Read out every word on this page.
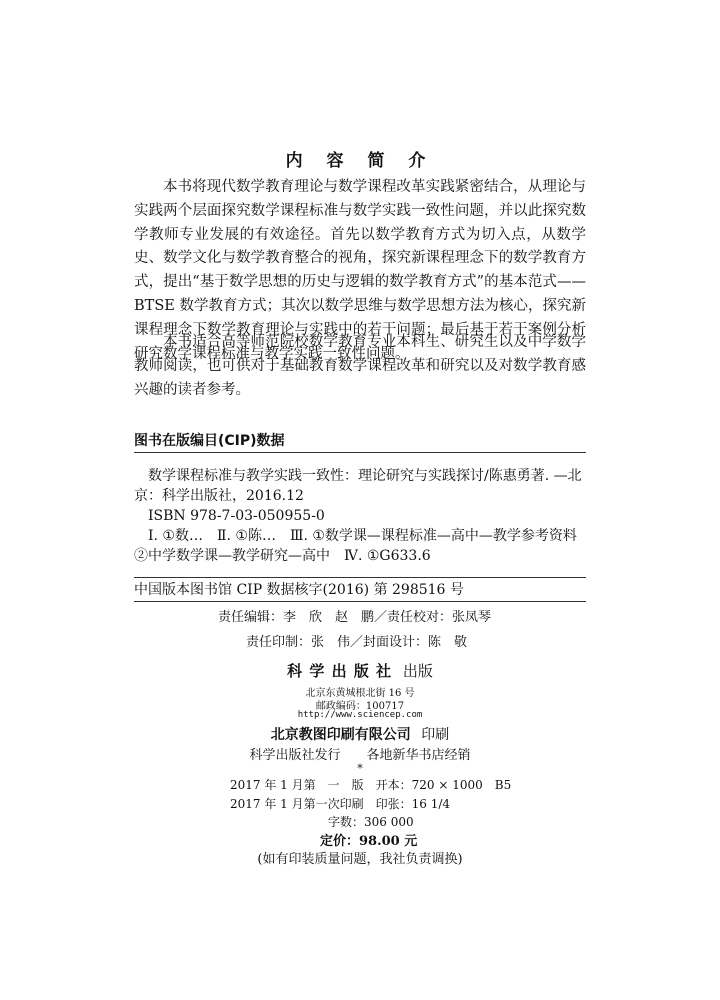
内 容 简 介

本书将现代数学教育理论与数学课程改革实践紧密结合，从理论与实践两个层面探究数学课程标准与数学实践一致性问题，并以此探究数学教师专业发展的有效途径。首先以数学教育方式为切入点，从数学史、数学文化与数学教育整合的视角，探究新课程理念下的数学教育方式，提出“基于数学思想的历史与逻辑的数学教育方式”的基本范式——BTSE 数学教育方式；其次以数学思维与数学思想方法为核心，探究新课程理念下数学教育理论与实践中的若干问题；最后基于若干案例分析研究数学课程标准与教学实践一致性问题。

本书适合高等师范院校数学教育专业本科生、研究生以及中学数学教师阅读，也可供对于基础教育数学课程改革和研究以及对数学教育感兴趣的读者参考。

图书在版编目(CIP)数据
数学课程标准与教学实践一致性：理论研究与实践探讨/陈惠勇著. —北
京：科学出版社，2016.12
ISBN 978-7-03-050955-0
Ⅰ. ①数…　Ⅱ. ①陈…　Ⅲ. ①数学课—课程标准—高中—教学参考资料
②中学数学课—教学研究—高中　Ⅳ. ①G633.6
中国版本图书馆 CIP 数据核字(2016) 第 298516 号
责任编辑：李　欣　赵　鹏／责任校对：张凤琴
责任印制：张　伟／封面设计：陈　敬
科 学 出 版 社 出版
北京东黄城根北街 16 号
邮政编码：100717
http://www.sciencep.com
北京教图印刷有限公司 印刷
科学出版社发行　　各地新华书店经销
*
2017 年 1 月第　一　版　开本：720 × 1000　B5
2017 年 1 月第一次印刷　印张：16 1/4
字数：306 000
定价：98.00 元
(如有印装质量问题，我社负责调换)
